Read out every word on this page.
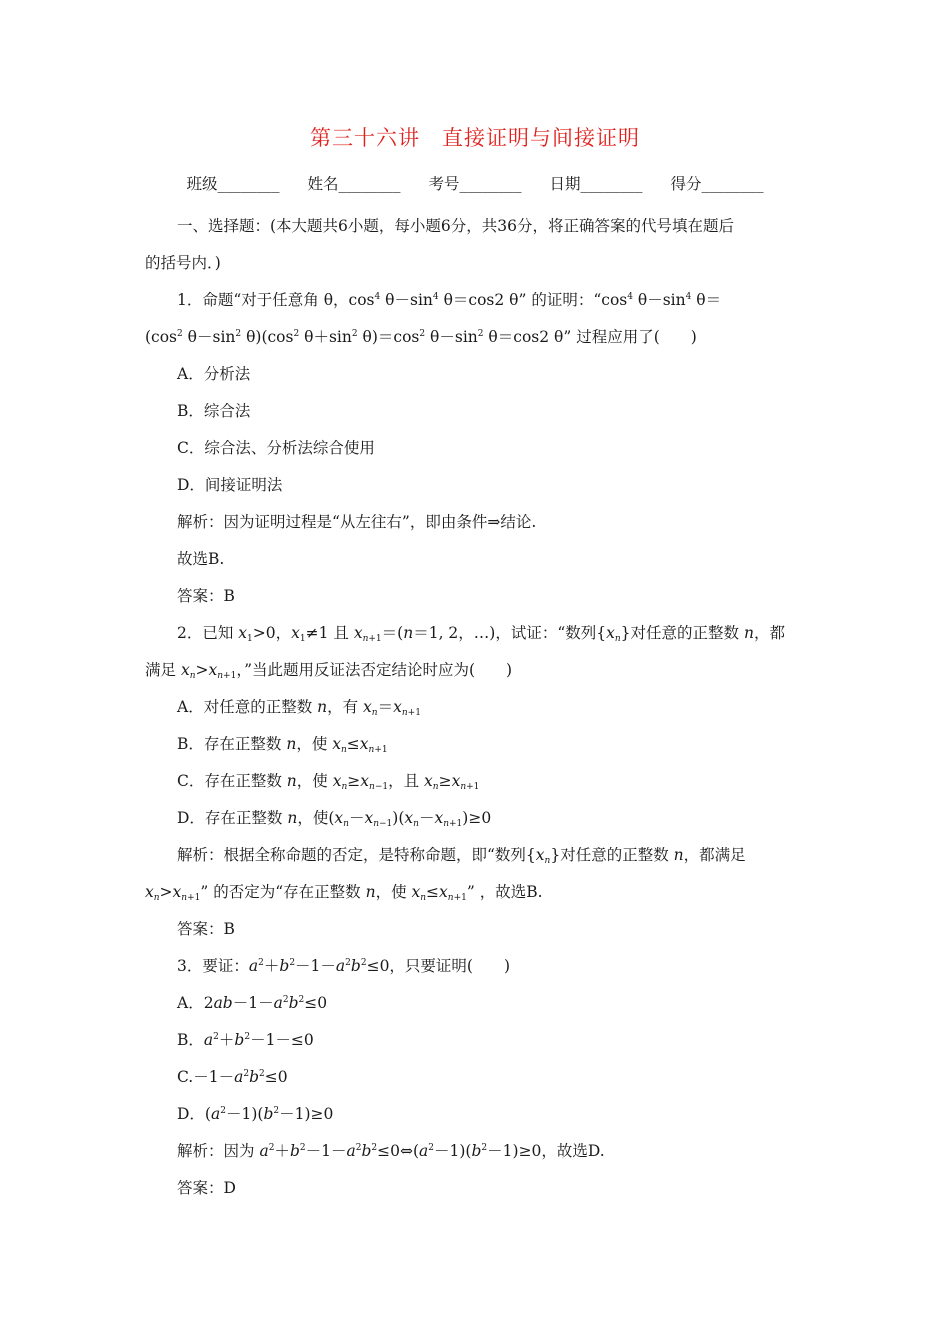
第三十六讲　直接证明与间接证明
班级________ 姓名________ 考号________ 日期________ 得分________
一、选择题：(本大题共6小题，每小题6分，共36分，将正确答案的代号填在题后
的括号内．)
1．命题“对于任意角 θ，$\cos^4 \theta-\sin^4$ θ＝cos2 θ” 的证明：“$\cos^4$ $\theta-\sin^4$ θ＝
($\cos^2$ $\theta-\sin^2$ $\theta)(\cos^2$ $\theta+\sin^2$ $\theta)=\cos^2$ $\theta-\sin^2$ θ＝cos2 θ” 过程应用了(　　)
A．分析法
B．综合法
C．综合法、分析法综合使用
D．间接证明法
解析：因为证明过程是“从左往右”，即由条件⇒结论.
故选B.
答案：B
2．已知 $x_1>0$，$x_1\ne 1$ 且 $x_{n+1}=(n=1$, 2，…)，试证：“数列$\{x_n\}$对任意的正整数 n，都
满足 $x_n>x_{n+1}$，”当此题用反证法否定结论时应为(　　)
A．对任意的正整数 n，有 $x_n=x_{n+1}$
B．存在正整数 n，使 $x_n\le x_{n+1}$
C．存在正整数 n，使 $x_n\ge x_{n-1}$，且 $x_n\ge x_{n+1}$
D．存在正整数 n，使$(x_n-x_{n-1})(x_n-x_{n+1})\ge 0$
解析：根据全称命题的否定，是特称命题，即“数列$\{x_n\}$对任意的正整数 n，都满足
$x_n>x_{n+1}$” 的否定为“存在正整数 n，使 $x_n\le x_{n+1}$” ，故选B.
答案：B
3．要证：$a^2+b^2-1-a^2b^2\le 0$，只要证明(　　)
A．$2ab-1-a^2b^2\le 0$
B．$a^2+b^2-1-\le 0$
$C.-1-a^2b^2\le 0$
D．$(a^2-1)(b^2-1)\ge 0$
解析：因为 $a^2+b^2-1-a^2b^2\le 0\Leftrightarrow(a^2-1)(b^2-1)\ge 0$，故选D.
答案：D
